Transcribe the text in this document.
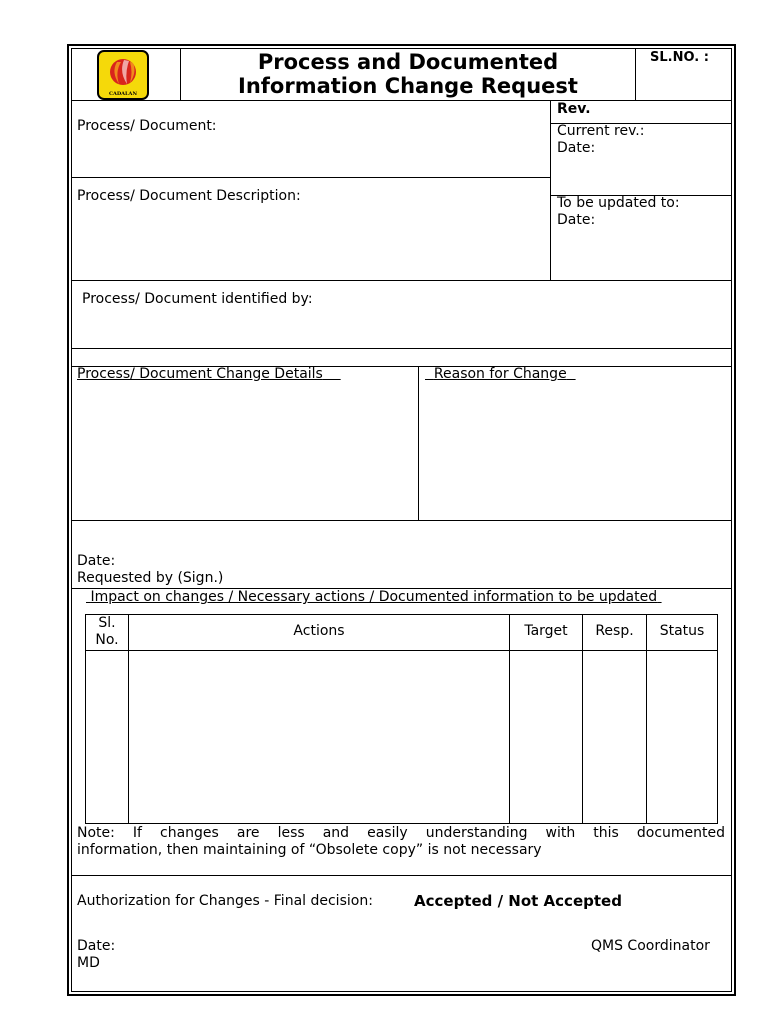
CADALAN
Process and Documented
Information Change Request
SL.NO. :
Rev.
Current rev.:
Date:
To be updated to:
Date:
Process/ Document:
Process/ Document Description:
Process/ Document identified by:
Process/ Document Change Details	Reason for Change
Date:
Requested by (Sign.)
Impact on changes / Necessary actions / Documented information to be updated
Sl.
No.
Actions	Target	Resp.	Status
Note: If changes are less and easily understanding with this documented
information, then maintaining of “Obsolete copy” is not necessary
Authorization for Changes - Final decision:	Accepted / Not Accepted
Date:
MD
QMS Coordinator
